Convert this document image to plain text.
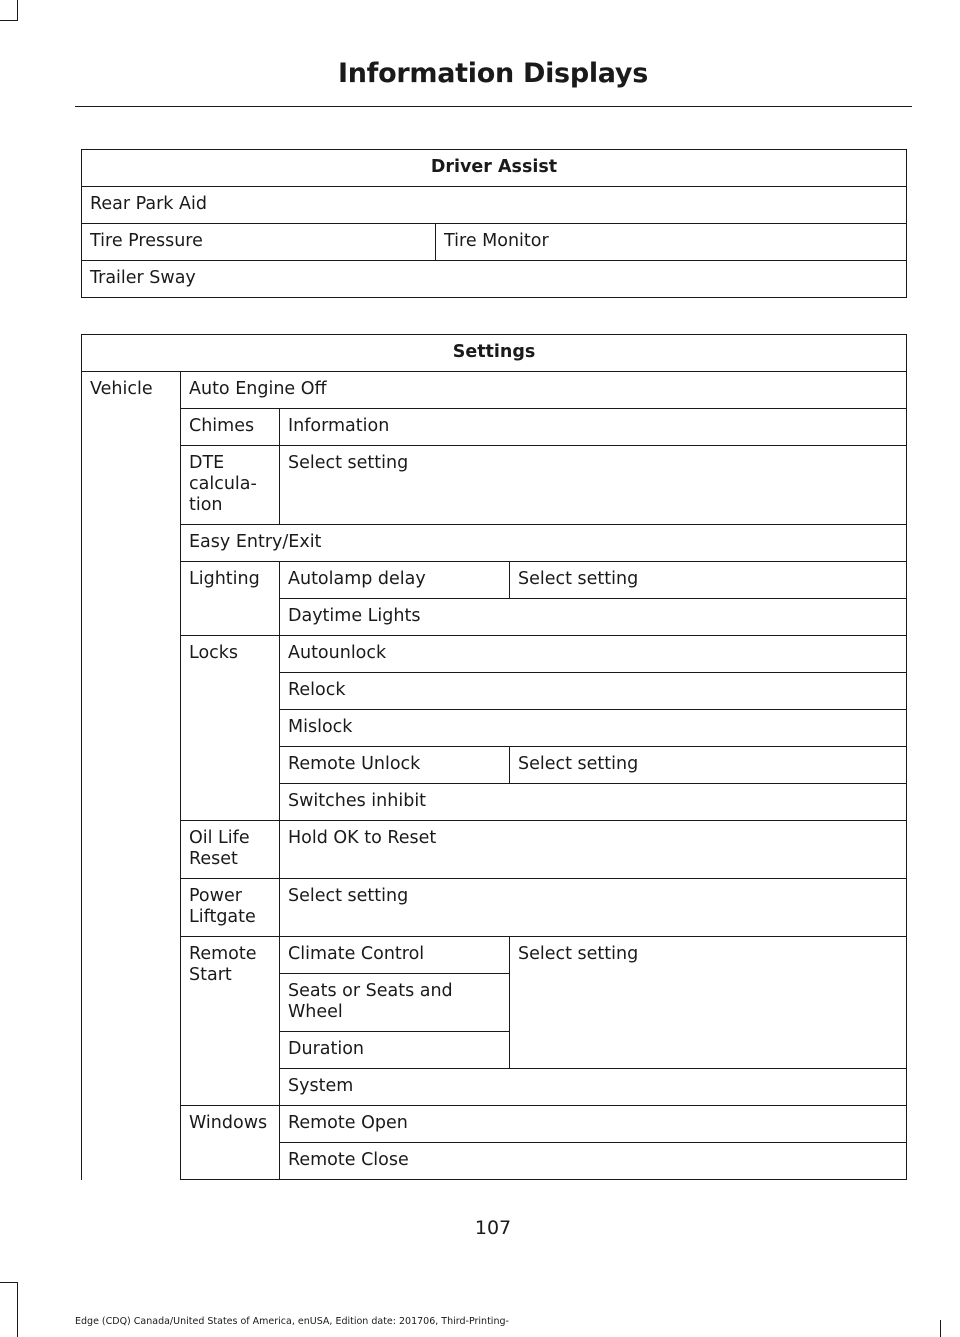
Information Displays
Driver Assist
Rear Park Aid
Tire Pressure	Tire Monitor
Trailer Sway
Settings			
Vehicle	Auto Engine Off		
	Chimes	Information	
	DTE calcula- tion	Select setting	
	Easy Entry/Exit		
	Lighting	Autolamp delay	Select setting
		Daytime Lights	
	Locks	Autounlock	
		Relock	
		Mislock	
		Remote Unlock	Select setting
		Switches inhibit	
	Oil Life Reset	Hold OK to Reset	
	Power Liftgate	Select setting	
	Remote Start	Climate Control	Select setting
		Seats or Seats and Wheel	
		Duration	
		System	
	Windows	Remote Open	
		Remote Close	
107
Edge (CDQ) Canada/United States of America, enUSA, Edition date: 201706, Third-Printing-
